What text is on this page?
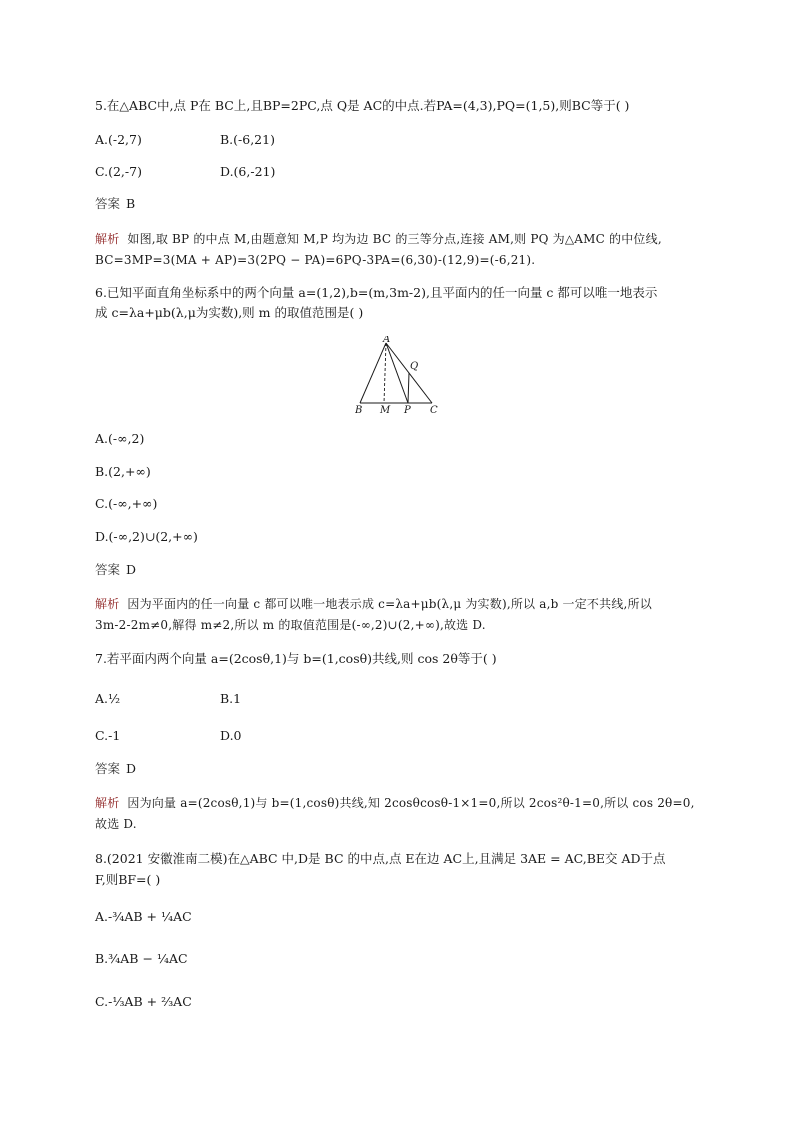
5.在△ABC中,点 P在 BC上,且BP=2PC,点 Q是 AC的中点.若PA=(4,3),PQ=(1,5),则BC等于( )
A.(-2,7)	B.(-6,21)
C.(2,-7)	D.(6,-21)
答案 B
解析 如图,取 BP 的中点 M,由题意知 M,P 均为边 BC 的三等分点,连接 AM,则 PQ 为△AMC 的中位线,
BC=3MP=3(MA + AP)=3(2PQ − PA)=6PQ-3PA=(6,30)-(12,9)=(-6,21).
6.已知平面直角坐标系中的两个向量 a=(1,2),b=(m,3m-2),且平面内的任一向量 c 都可以唯一地表示
成 c=λa+μb(λ,μ为实数),则 m 的取值范围是( )
A
Q
B M P C
A.(-∞,2)
B.(2,+∞)
C.(-∞,+∞)
D.(-∞,2)∪(2,+∞)
答案 D
解析 因为平面内的任一向量 c 都可以唯一地表示成 c=λa+μb(λ,μ 为实数),所以 a,b 一定不共线,所以
3m-2-2m≠0,解得 m≠2,所以 m 的取值范围是(-∞,2)∪(2,+∞),故选 D.
7.若平面内两个向量 a=(2cosθ,1)与 b=(1,cosθ)共线,则 cos 2θ等于( )
A.½	B.1
C.-1	D.0
答案 D
解析 因为向量 a=(2cosθ,1)与 b=(1,cosθ)共线,知 2cosθcosθ-1×1=0,所以 2cos²θ-1=0,所以 cos 2θ=0,
故选 D.
8.(2021 安徽淮南二模)在△ABC 中,D是 BC 的中点,点 E在边 AC上,且满足 3AE = AC,BE交 AD于点
F,则BF=( )
A.-¾AB + ¼AC
B.¾AB − ¼AC
C.-⅓AB + ⅔AC
